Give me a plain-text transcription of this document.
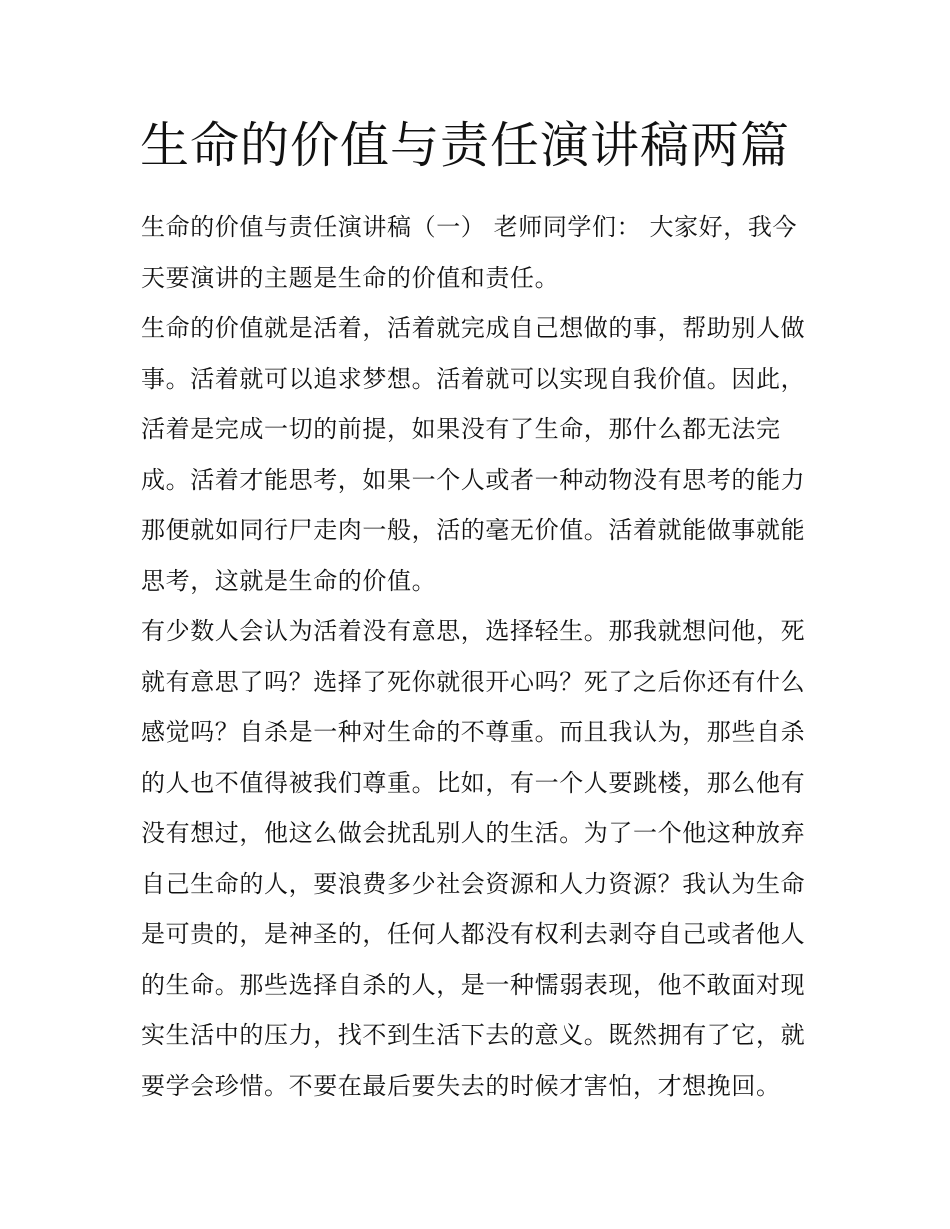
生命的价值与责任演讲稿两篇
生命的价值与责任演讲稿（一） 老师同学们： 大家好，我今
天要演讲的主题是生命的价值和责任。
生命的价值就是活着，活着就完成自己想做的事，帮助别人做
事。活着就可以追求梦想。活着就可以实现自我价值。因此，
活着是完成一切的前提，如果没有了生命，那什么都无法完
成。活着才能思考，如果一个人或者一种动物没有思考的能力
那便就如同行尸走肉一般，活的毫无价值。活着就能做事就能
思考，这就是生命的价值。
有少数人会认为活着没有意思，选择轻生。那我就想问他，死
就有意思了吗？选择了死你就很开心吗？死了之后你还有什么
感觉吗？自杀是一种对生命的不尊重。而且我认为，那些自杀
的人也不值得被我们尊重。比如，有一个人要跳楼，那么他有
没有想过，他这么做会扰乱别人的生活。为了一个他这种放弃
自己生命的人，要浪费多少社会资源和人力资源？我认为生命
是可贵的，是神圣的，任何人都没有权利去剥夺自己或者他人
的生命。那些选择自杀的人，是一种懦弱表现，他不敢面对现
实生活中的压力，找不到生活下去的意义。既然拥有了它，就
要学会珍惜。不要在最后要失去的时候才害怕，才想挽回。
